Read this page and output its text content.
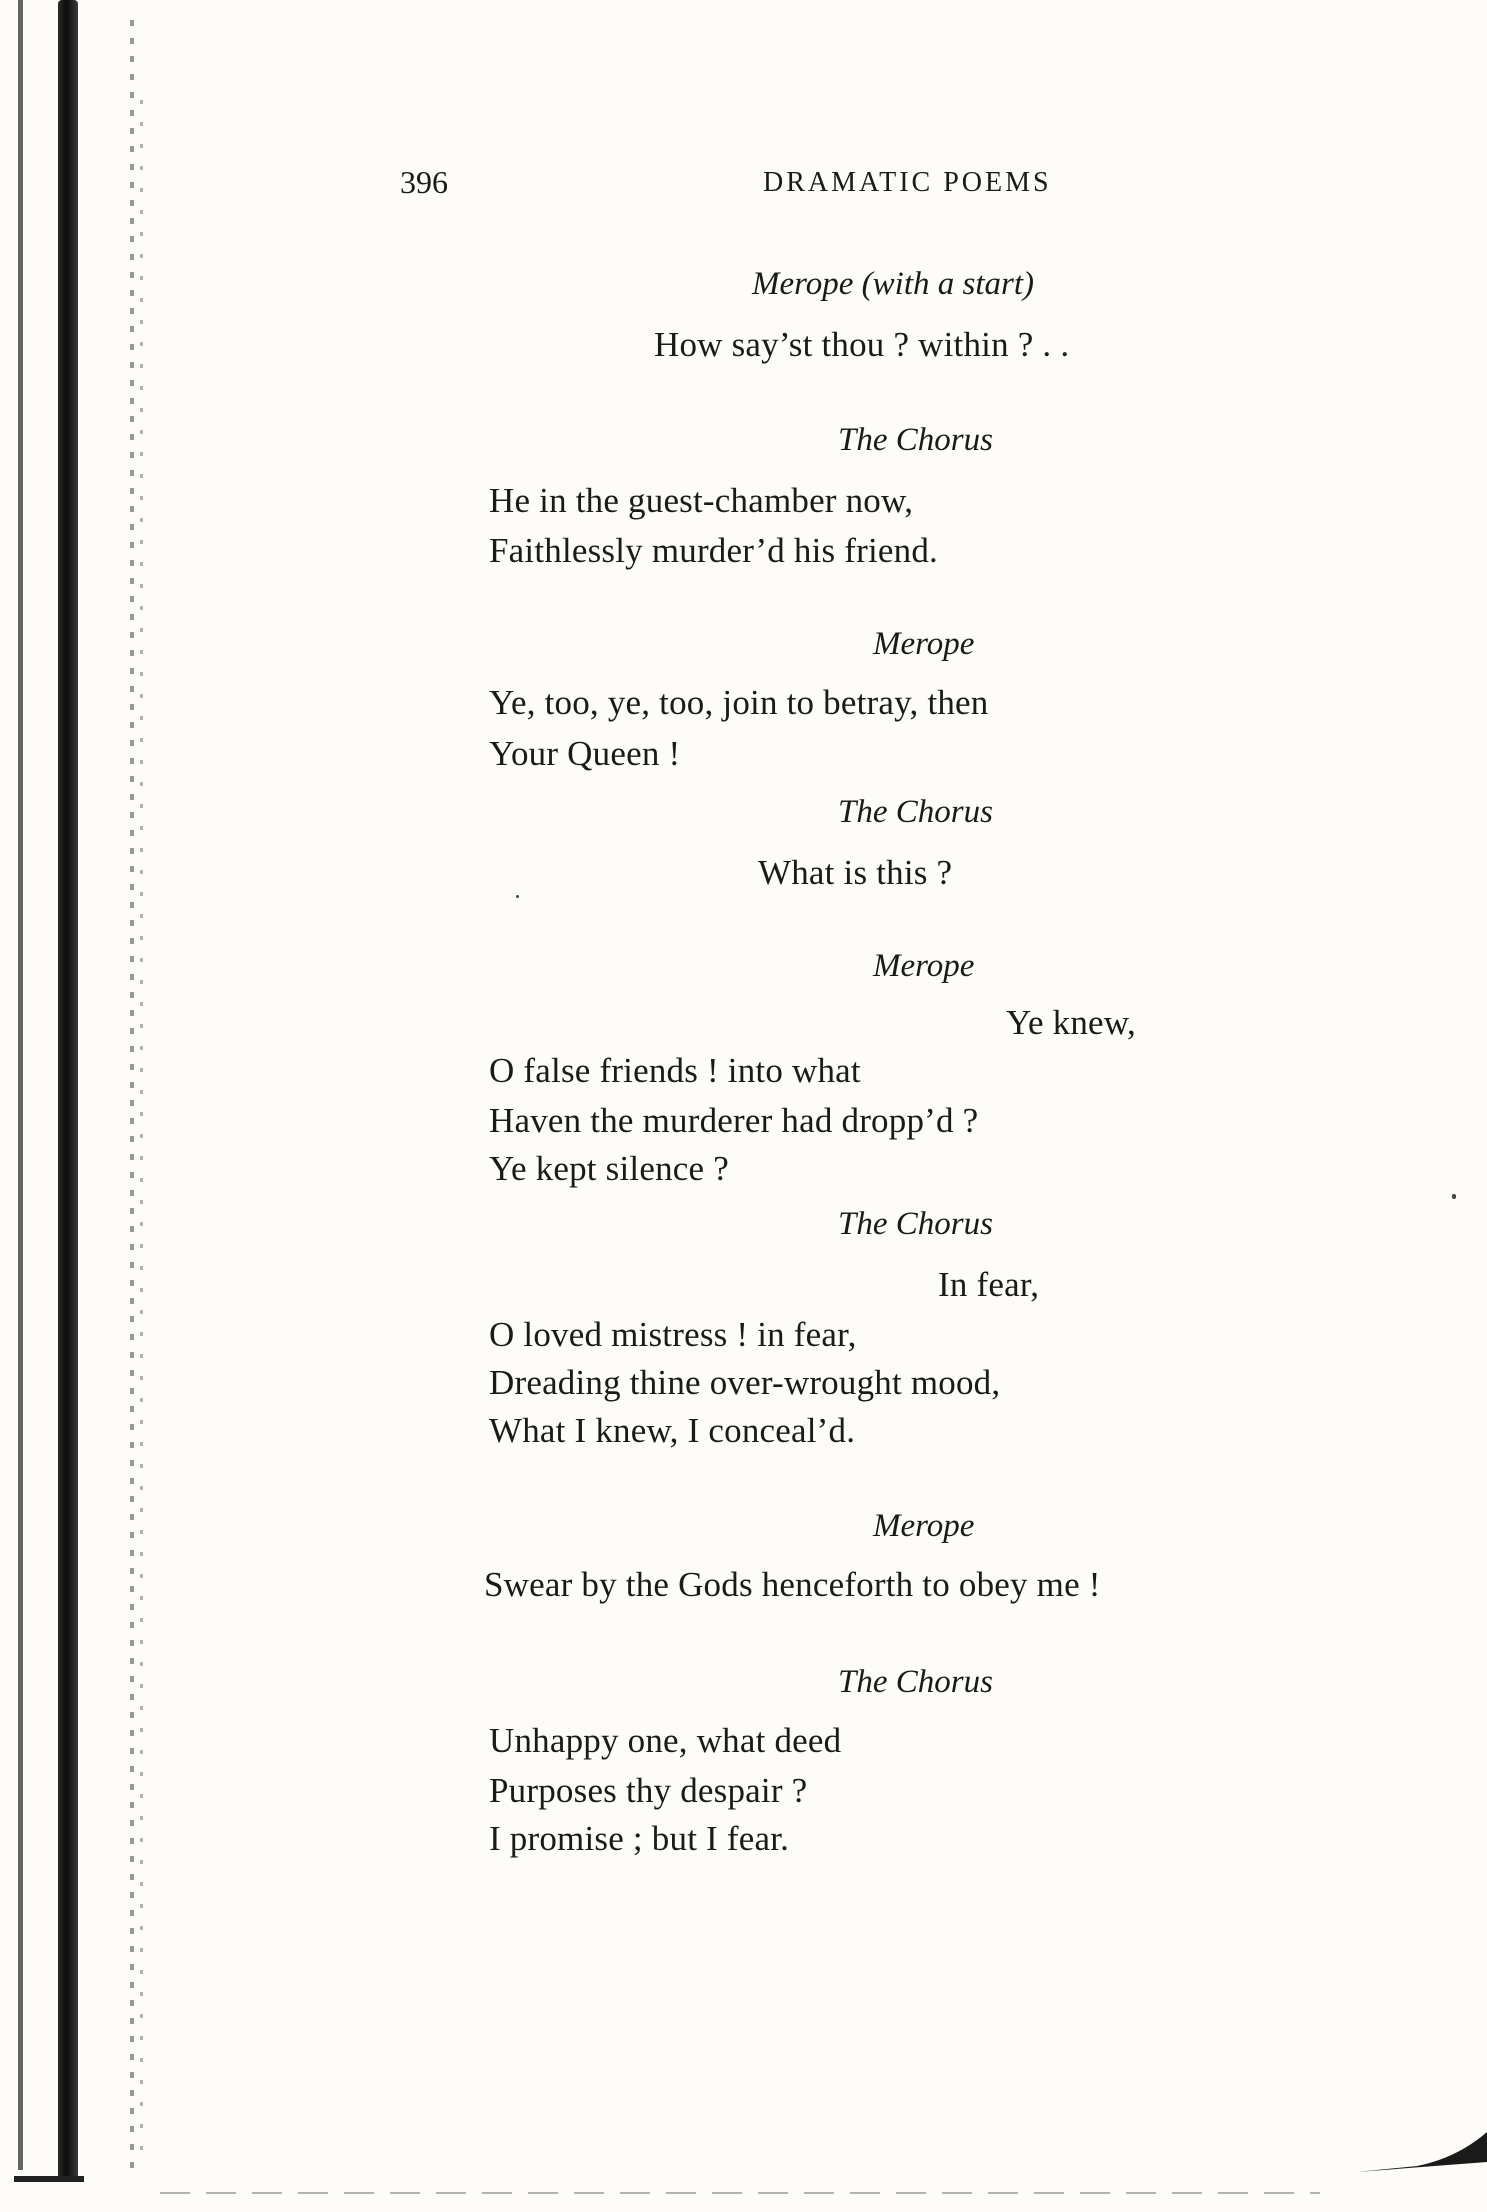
396	DRAMATIC POEMS
Merope (with a start)
How say’st thou ? within ? . .
The Chorus
He in the guest-chamber now,
Faithlessly murder’d his friend.
Merope
Ye, too, ye, too, join to betray, then
Your Queen !
The Chorus
What is this ?
Merope
Ye knew,
O false friends ! into what
Haven the murderer had dropp’d ?
Ye kept silence ?
The Chorus
In fear,
O loved mistress ! in fear,
Dreading thine over-wrought mood,
What I knew, I conceal’d.
Merope
Swear by the Gods henceforth to obey me !
The Chorus
Unhappy one, what deed
Purposes thy despair ?
I promise ; but I fear.
